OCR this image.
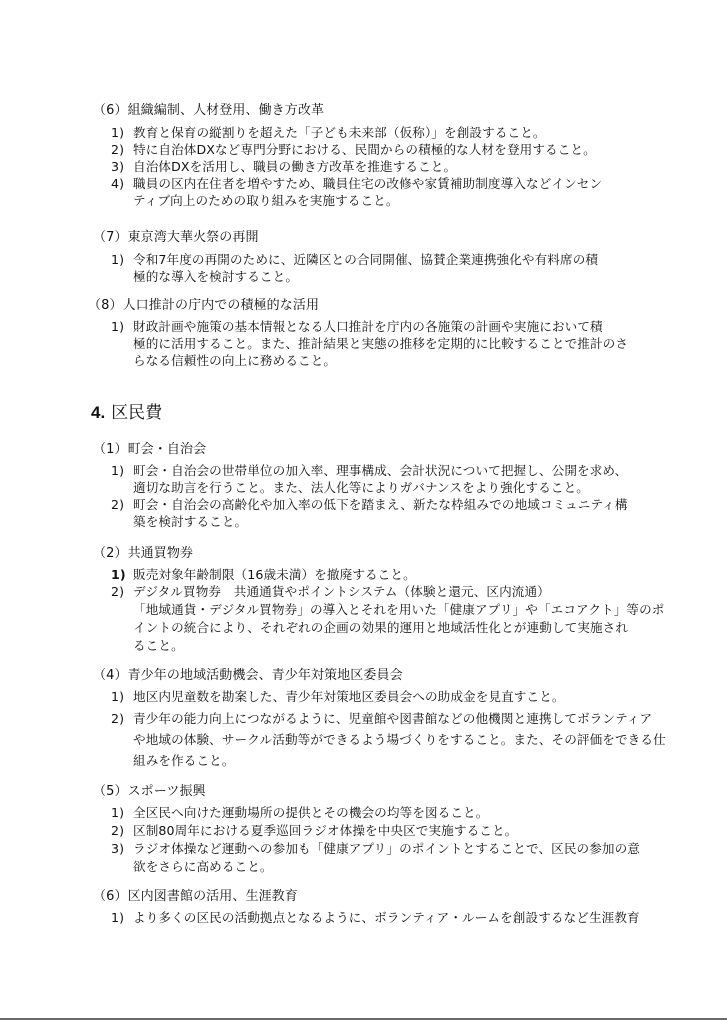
（6）組織編制、人材登用、働き方改革
1) 教育と保育の縦割りを超えた「子ども未来部（仮称）」を創設すること。
2) 特に自治体DXなど専門分野における、民間からの積極的な人材を登用すること。
3) 自治体DXを活用し、職員の働き方改革を推進すること。
4) 職員の区内在住者を増やすため、職員住宅の改修や家賃補助制度導入などインセン
ティブ向上のための取り組みを実施すること。
（7）東京湾大華火祭の再開
1) 令和7年度の再開のために、近隣区との合同開催、協賛企業連携強化や有料席の積
極的な導入を検討すること。
（8）人口推計の庁内での積極的な活用
1) 財政計画や施策の基本情報となる人口推計を庁内の各施策の計画や実施において積
極的に活用すること。また、推計結果と実態の推移を定期的に比較することで推計のさ
らなる信頼性の向上に務めること。
4. 区民費
（1）町会・自治会
1) 町会・自治会の世帯単位の加入率、理事構成、会計状況について把握し、公開を求め、
適切な助言を行うこと。また、法人化等によりガバナンスをより強化すること。
2) 町会・自治会の高齢化や加入率の低下を踏まえ、新たな枠組みでの地域コミュニティ構
築を検討すること。
（2）共通買物券
1) 販売対象年齢制限（16歳未満）を撤廃すること。
2) デジタル買物券　共通通貨やポイントシステム（体験と還元、区内流通）
「地域通貨・デジタル買物券」の導入とそれを用いた「健康アプリ」や「エコアクト」等のポ
イントの統合により、それぞれの企画の効果的運用と地域活性化とが連動して実施され
ること。
（4）青少年の地域活動機会、青少年対策地区委員会
1) 地区内児童数を勘案した、青少年対策地区委員会への助成金を見直すこと。
2) 青少年の能力向上につながるように、児童館や図書館などの他機関と連携してボランティア
や地域の体験、サークル活動等ができるよう場づくりをすること。また、その評価をできる仕
組みを作ること。
（5）スポーツ振興
1) 全区民へ向けた運動場所の提供とその機会の均等を図ること。
2) 区制80周年における夏季巡回ラジオ体操を中央区で実施すること。
3) ラジオ体操など運動への参加も「健康アプリ」のポイントとすることで、区民の参加の意
欲をさらに高めること。
（6）区内図書館の活用、生涯教育
1) より多くの区民の活動拠点となるように、ボランティア・ルームを創設するなど生涯教育
